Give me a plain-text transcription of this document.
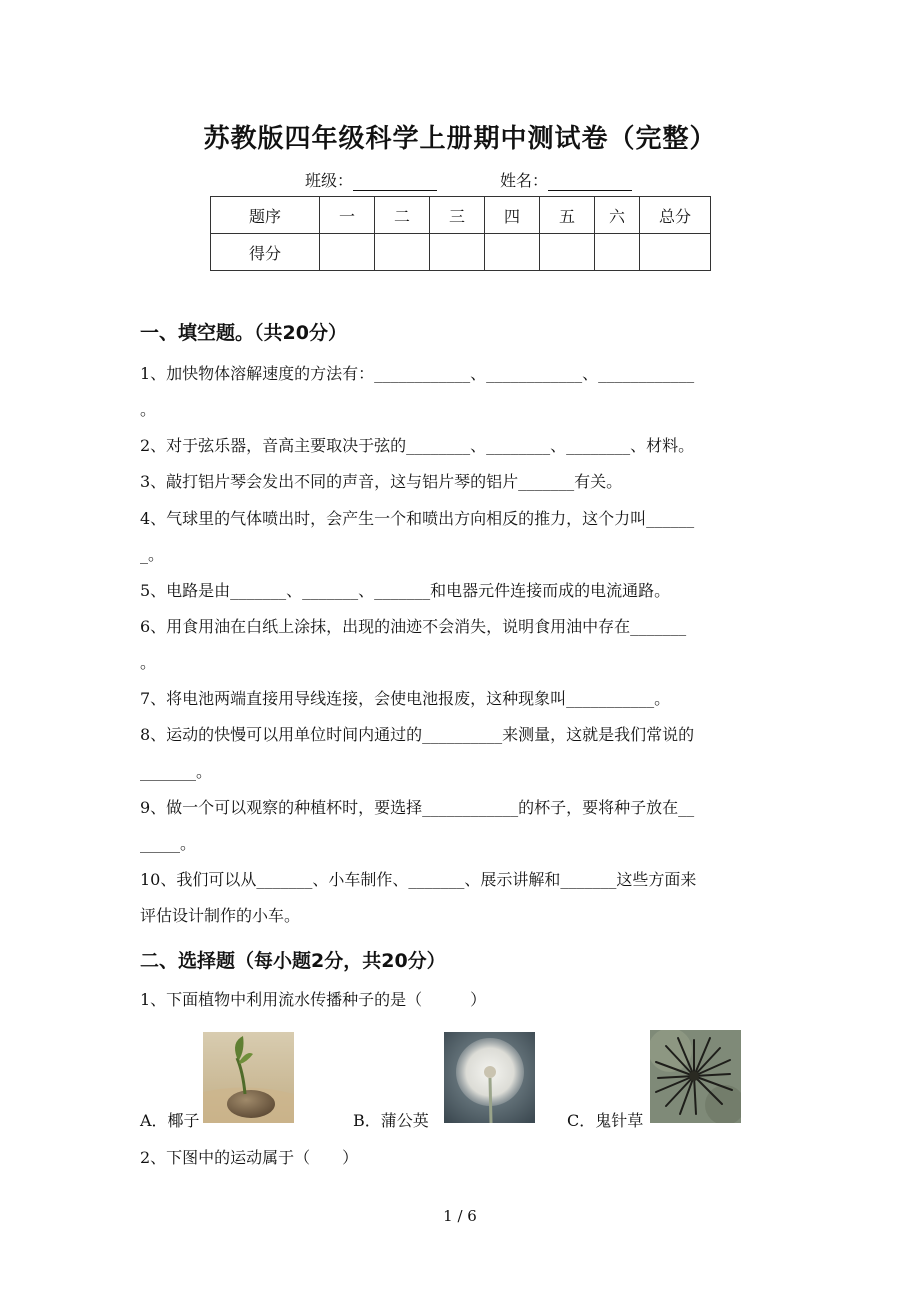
苏教版四年级科学上册期中测试卷（完整）
班级：	姓名：
题序	一	二	三	四	五	六	总分
得分							
一、填空题。（共20分）
1、加快物体溶解速度的方法有：____________、____________、____________
。
2、对于弦乐器，音高主要取决于弦的________、________、________、材料。
3、敲打铝片琴会发出不同的声音，这与铝片琴的铝片_______有关。
4、气球里的气体喷出时，会产生一个和喷出方向相反的推力，这个力叫______
_。
5、电路是由_______、_______、_______和电器元件连接而成的电流通路。
6、用食用油在白纸上涂抹，出现的油迹不会消失，说明食用油中存在_______
。
7、将电池两端直接用导线连接，会使电池报废，这种现象叫___________。
8、运动的快慢可以用单位时间内通过的__________来测量，这就是我们常说的
_______。
9、做一个可以观察的种植杯时，要选择____________的杯子，要将种子放在__
_____。
10、我们可以从_______、小车制作、_______、展示讲解和_______这些方面来
评估设计制作的小车。
二、选择题（每小题2分，共20分）
1、下面植物中利用流水传播种子的是（　　　）
A．椰子	B．蒲公英	C．鬼针草
2、下图中的运动属于（　　）
1 / 6
